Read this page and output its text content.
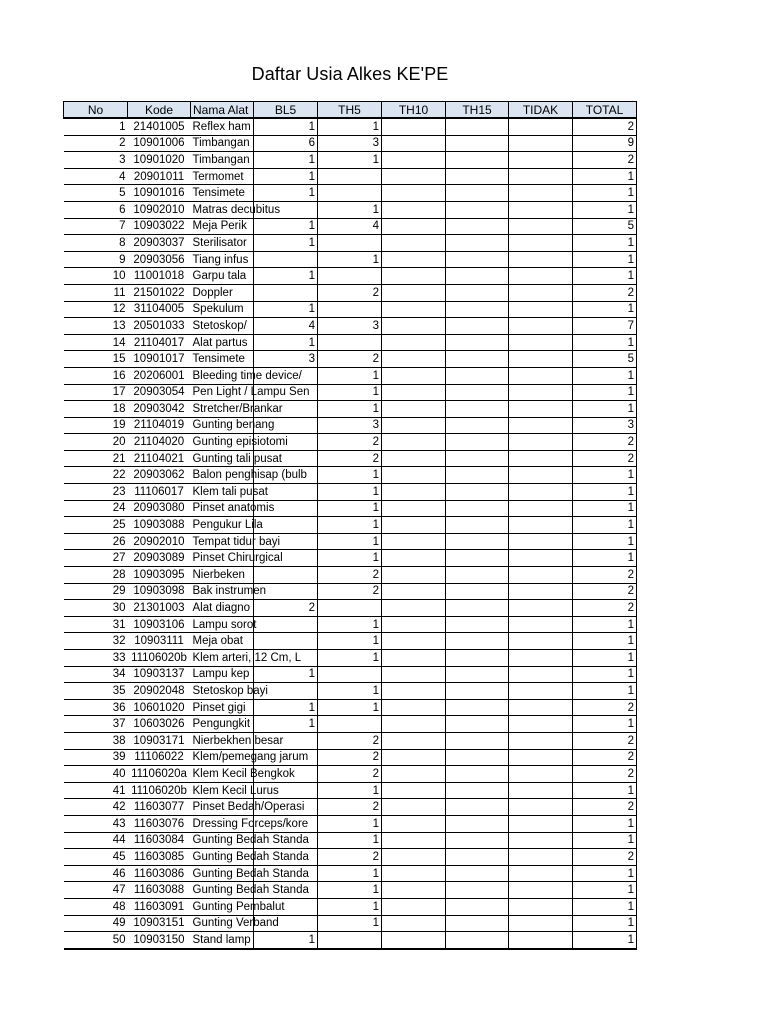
Daftar Usia Alkes KE'PE
No	Kode	Nama Alat	BL5	TH5	TH10	TH15	TIDAK	TOTAL
1	21401005	Reflex ham	1	1				2
2	10901006	Timbangan	6	3				9
3	10901020	Timbangan	1	1				2
4	20901011	Termomet	1					1
5	10901016	Tensimete	1					1
6	10902010	Matras decubitus		1				1
7	10903022	Meja Perik	1	4				5
8	20903037	Sterilisator	1					1
9	20903056	Tiang infus		1				1
10	11001018	Garpu tala	1					1
11	21501022	Doppler		2				2
12	31104005	Spekulum	1					1
13	20501033	Stetoskop/	4	3				7
14	21104017	Alat partus	1					1
15	10901017	Tensimete	3	2				5
16	20206001	Bleeding time device/		1				1
17	20903054	Pen Light / Lampu Sen		1				1
18	20903042	Stretcher/Brankar		1				1
19	21104019	Gunting benang		3				3
20	21104020	Gunting episiotomi		2				2
21	21104021	Gunting tali pusat		2				2
22	20903062	Balon penghisap (bulb		1				1
23	11106017	Klem tali pusat		1				1
24	20903080	Pinset anatomis		1				1
25	10903088	Pengukur Lila		1				1
26	20902010	Tempat tidur bayi		1				1
27	20903089	Pinset Chirurgical		1				1
28	10903095	Nierbeken		2				2
29	10903098	Bak instrumen		2				2
30	21301003	Alat diagno	2					2
31	10903106	Lampu sorot		1				1
32	10903111	Meja obat		1				1
33	11106020b	Klem arteri, 12 Cm, L		1				1
34	10903137	Lampu kep	1					1
35	20902048	Stetoskop bayi		1				1
36	10601020	Pinset gigi	1	1				2
37	10603026	Pengungkit	1					1
38	10903171	Nierbekhen besar		2				2
39	11106022	Klem/pemegang jarum		2				2
40	11106020a	Klem Kecil Bengkok		2				2
41	11106020b	Klem Kecil Lurus		1				1
42	11603077	Pinset Bedah/Operasi		2				2
43	11603076	Dressing Forceps/kore		1				1
44	11603084	Gunting Bedah Standa		1				1
45	11603085	Gunting Bedah Standa		2				2
46	11603086	Gunting Bedah Standa		1				1
47	11603088	Gunting Bedah Standa		1				1
48	11603091	Gunting Pembalut		1				1
49	10903151	Gunting Verband		1				1
50	10903150	Stand lamp	1					1
